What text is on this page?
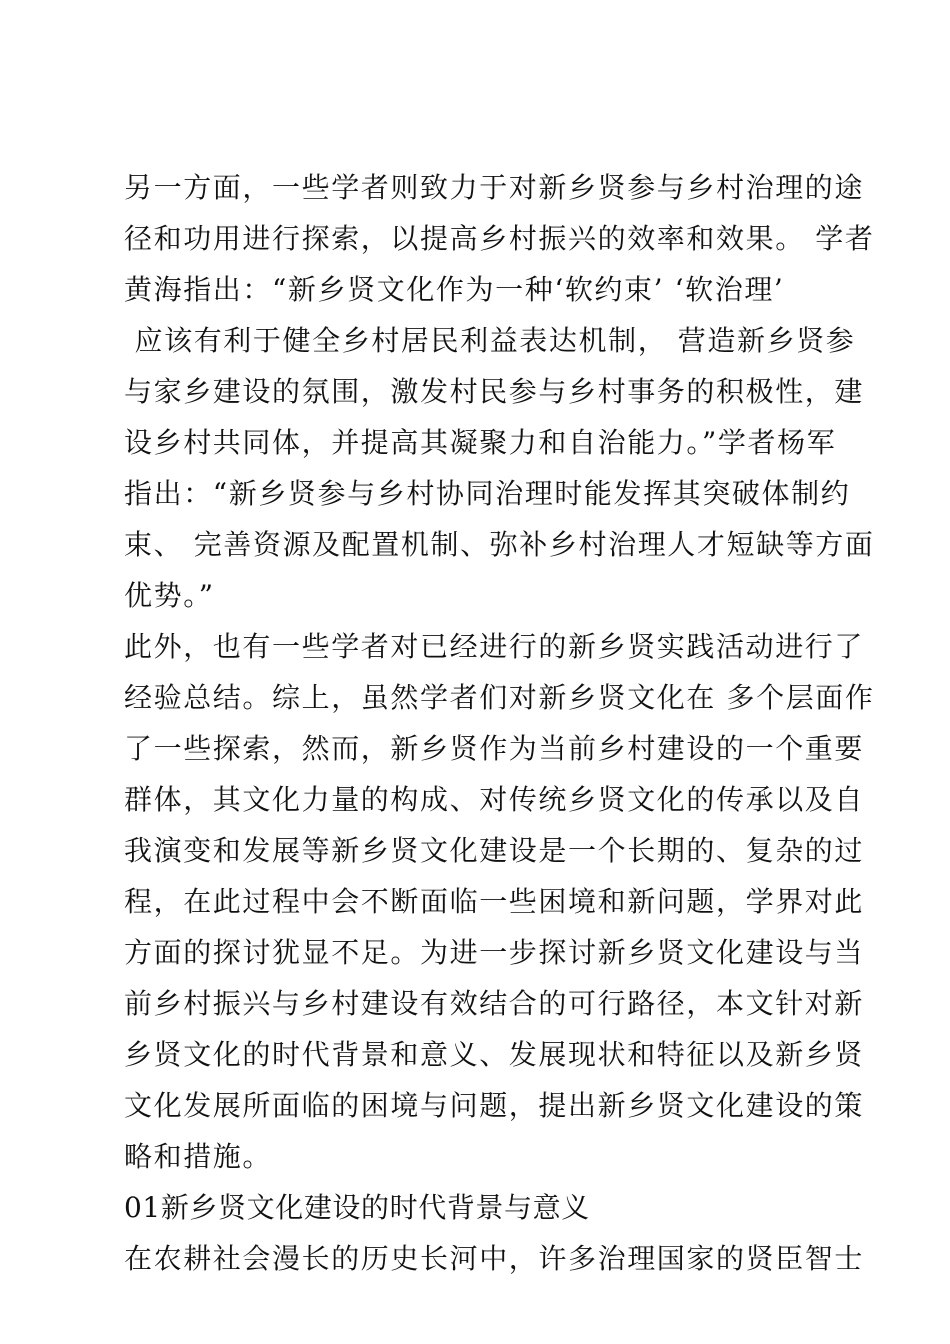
另一方面，一些学者则致力于对新乡贤参与乡村治理的途
径和功用进行探索，以提高乡村振兴的效率和效果。 学者
黄海指出：“新乡贤文化作为一种‘软约束’ ‘软治理’
应该有利于健全乡村居民利益表达机制， 营造新乡贤参
与家乡建设的氛围，激发村民参与乡村事务的积极性，建
设乡村共同体，并提高其凝聚力和自治能力。”学者杨军
指出：“新乡贤参与乡村协同治理时能发挥其突破体制约
束、 完善资源及配置机制、弥补乡村治理人才短缺等方面
优势。”
此外，也有一些学者对已经进行的新乡贤实践活动进行了
经验总结。综上，虽然学者们对新乡贤文化在 多个层面作
了一些探索，然而，新乡贤作为当前乡村建设的一个重要
群体，其文化力量的构成、对传统乡贤文化的传承以及自
我演变和发展等新乡贤文化建设是一个长期的、复杂的过
程，在此过程中会不断面临一些困境和新问题，学界对此
方面的探讨犹显不足。为进一步探讨新乡贤文化建设与当
前乡村振兴与乡村建设有效结合的可行路径，本文针对新
乡贤文化的时代背景和意义、发展现状和特征以及新乡贤
文化发展所面临的困境与问题，提出新乡贤文化建设的策
略和措施。
01新乡贤文化建设的时代背景与意义
在农耕社会漫长的历史长河中，许多治理国家的贤臣智士
